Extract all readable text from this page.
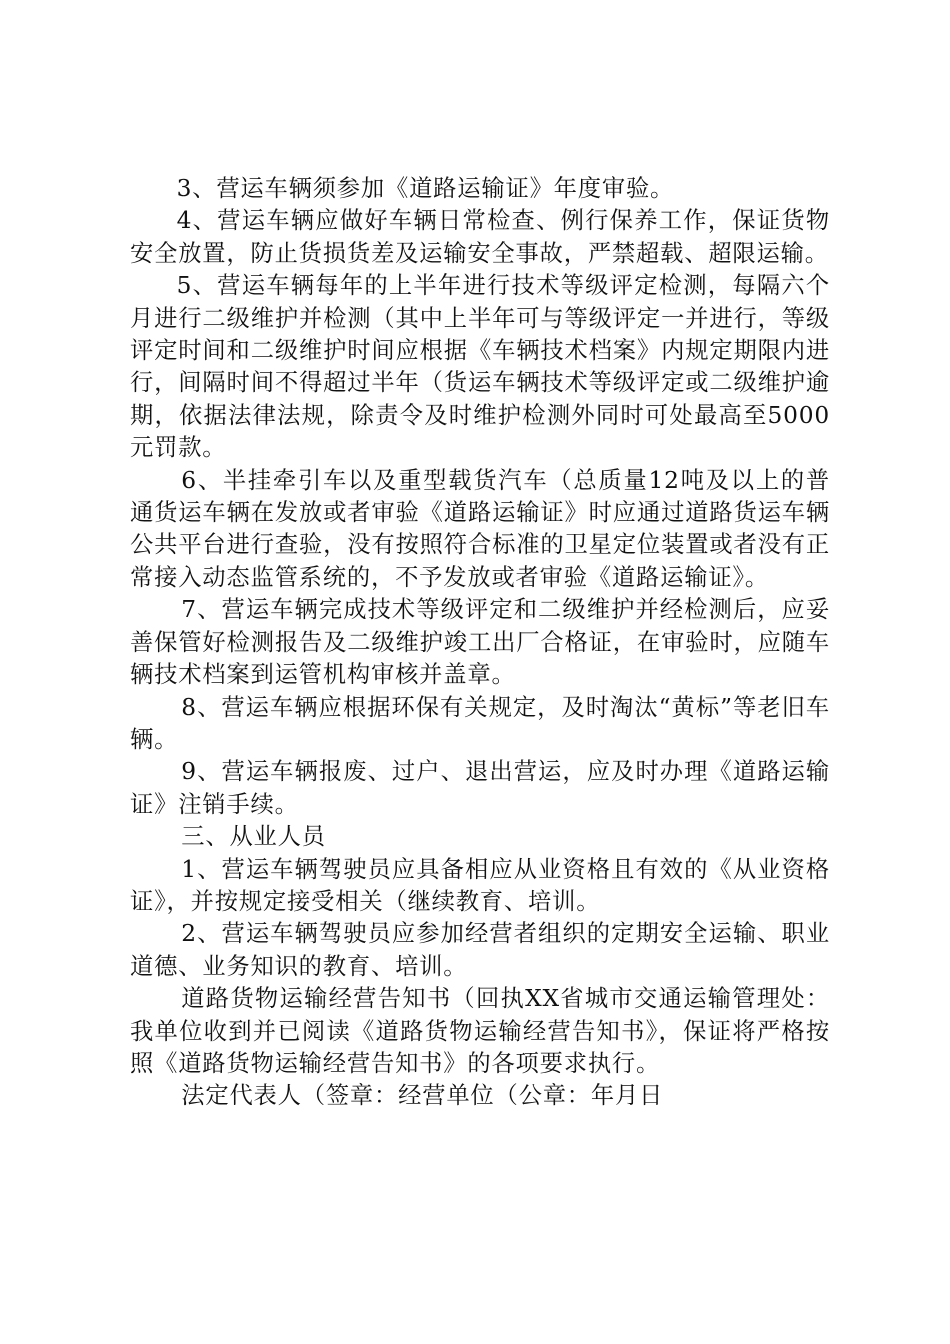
3、营运车辆须参加《道路运输证》年度审验。

4、营运车辆应做好车辆日常检查、例行保养工作，保证货物安全放置，防止货损货差及运输安全事故，严禁超载、超限运输。

5、营运车辆每年的上半年进行技术等级评定检测，每隔六个月进行二级维护并检测（其中上半年可与等级评定一并进行，等级评定时间和二级维护时间应根据《车辆技术档案》内规定期限内进行，间隔时间不得超过半年（货运车辆技术等级评定或二级维护逾期，依据法律法规，除责令及时维护检测外同时可处最高至5000元罚款。

6、半挂牵引车以及重型载货汽车（总质量12吨及以上的普通货运车辆在发放或者审验《道路运输证》时应通过道路货运车辆公共平台进行查验，没有按照符合标准的卫星定位装置或者没有正常接入动态监管系统的，不予发放或者审验《道路运输证》。

7、营运车辆完成技术等级评定和二级维护并经检测后，应妥善保管好检测报告及二级维护竣工出厂合格证，在审验时，应随车辆技术档案到运管机构审核并盖章。

8、营运车辆应根据环保有关规定，及时淘汰“黄标”等老旧车辆。

9、营运车辆报废、过户、退出营运，应及时办理《道路运输证》注销手续。

三、从业人员

1、营运车辆驾驶员应具备相应从业资格且有效的《从业资格证》，并按规定接受相关（继续教育、培训。

2、营运车辆驾驶员应参加经营者组织的定期安全运输、职业道德、业务知识的教育、培训。

道路货物运输经营告知书（回执XX省城市交通运输管理处：我单位收到并已阅读《道路货物运输经营告知书》，保证将严格按照《道路货物运输经营告知书》的各项要求执行。

法定代表人（签章：经营单位（公章：年月日
